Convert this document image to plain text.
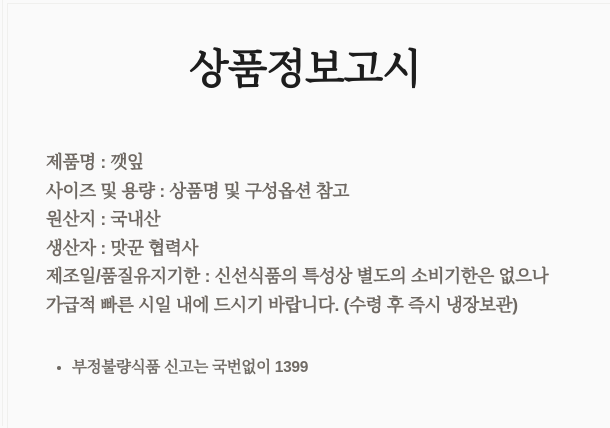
상품정보고시

제품명 : 깻잎

사이즈 및 용량 : 상품명 및 구성옵션 참고

원산지 : 국내산

생산자 : 맛꾼 협력사

제조일/품질유지기한 : 신선식품의 특성상 별도의 소비기한은 없으나 가급적 빠른 시일 내에 드시기 바랍니다. (수령 후 즉시 냉장보관)

부정불량식품 신고는 국번없이 1399
